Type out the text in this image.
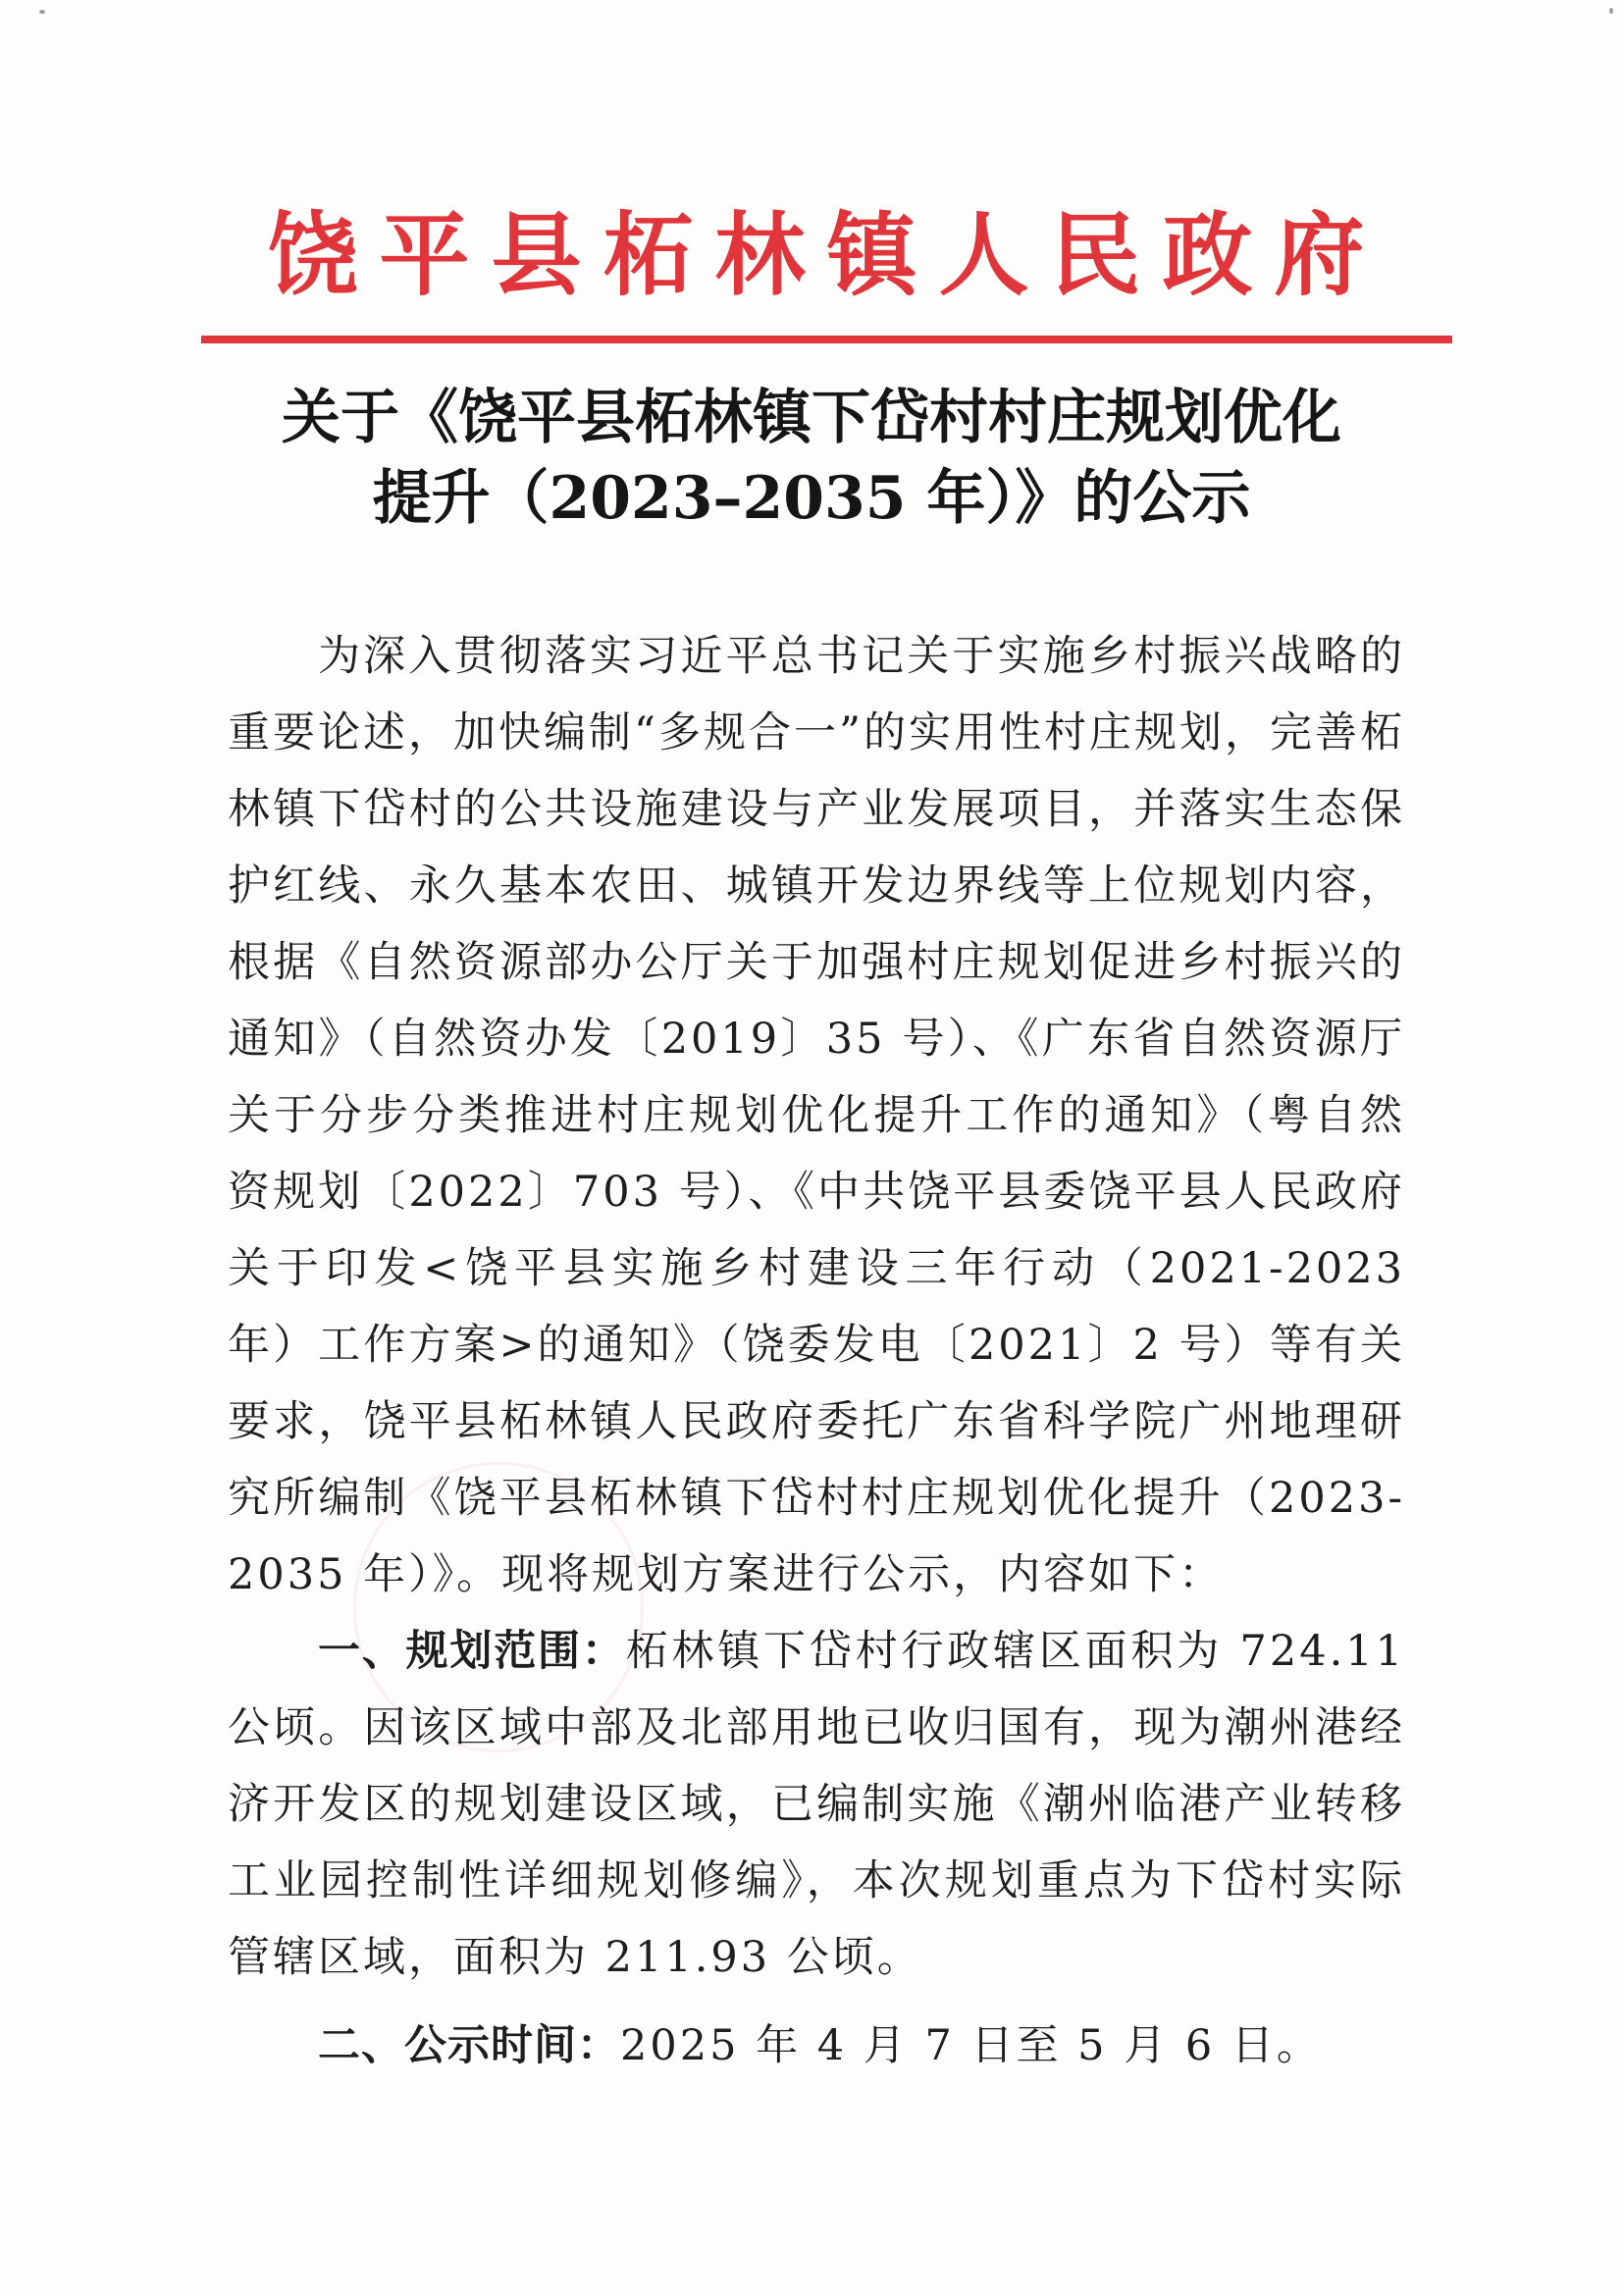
饶平县柘林镇人民政府
关于《饶平县柘林镇下岱村村庄规划优化
提升（2023–2035 年）》的公示

为深入贯彻落实习近平总书记关于实施乡村振兴战略的重要论述，加快编制“多规合一”的实用性村庄规划，完善柘林镇下岱村的公共设施建设与产业发展项目，并落实生态保护红线、永久基本农田、城镇开发边界线等上位规划内容，根据《自然资源部办公厅关于加强村庄规划促进乡村振兴的通知》（自然资办发〔2019〕35 号）、《广东省自然资源厅关于分步分类推进村庄规划优化提升工作的通知》（粤自然资规划〔2022〕703 号）、《中共饶平县委饶平县人民政府关于印发<饶平县实施乡村建设三年行动（2021-2023 年）工作方案>的通知》（饶委发电〔2021〕2 号）等有关要求，饶平县柘林镇人民政府委托广东省科学院广州地理研究所编制《饶平县柘林镇下岱村村庄规划优化提升（2023-2035 年）》。现将规划方案进行公示，内容如下：

一、规划范围：柘林镇下岱村行政辖区面积为 724.11 公顷。因该区域中部及北部用地已收归国有，现为潮州港经济开发区的规划建设区域，已编制实施《潮州临港产业转移工业园控制性详细规划修编》，本次规划重点为下岱村实际管辖区域，面积为 211.93 公顷。

二、公示时间：2025 年 4 月 7 日至 5 月 6 日。
